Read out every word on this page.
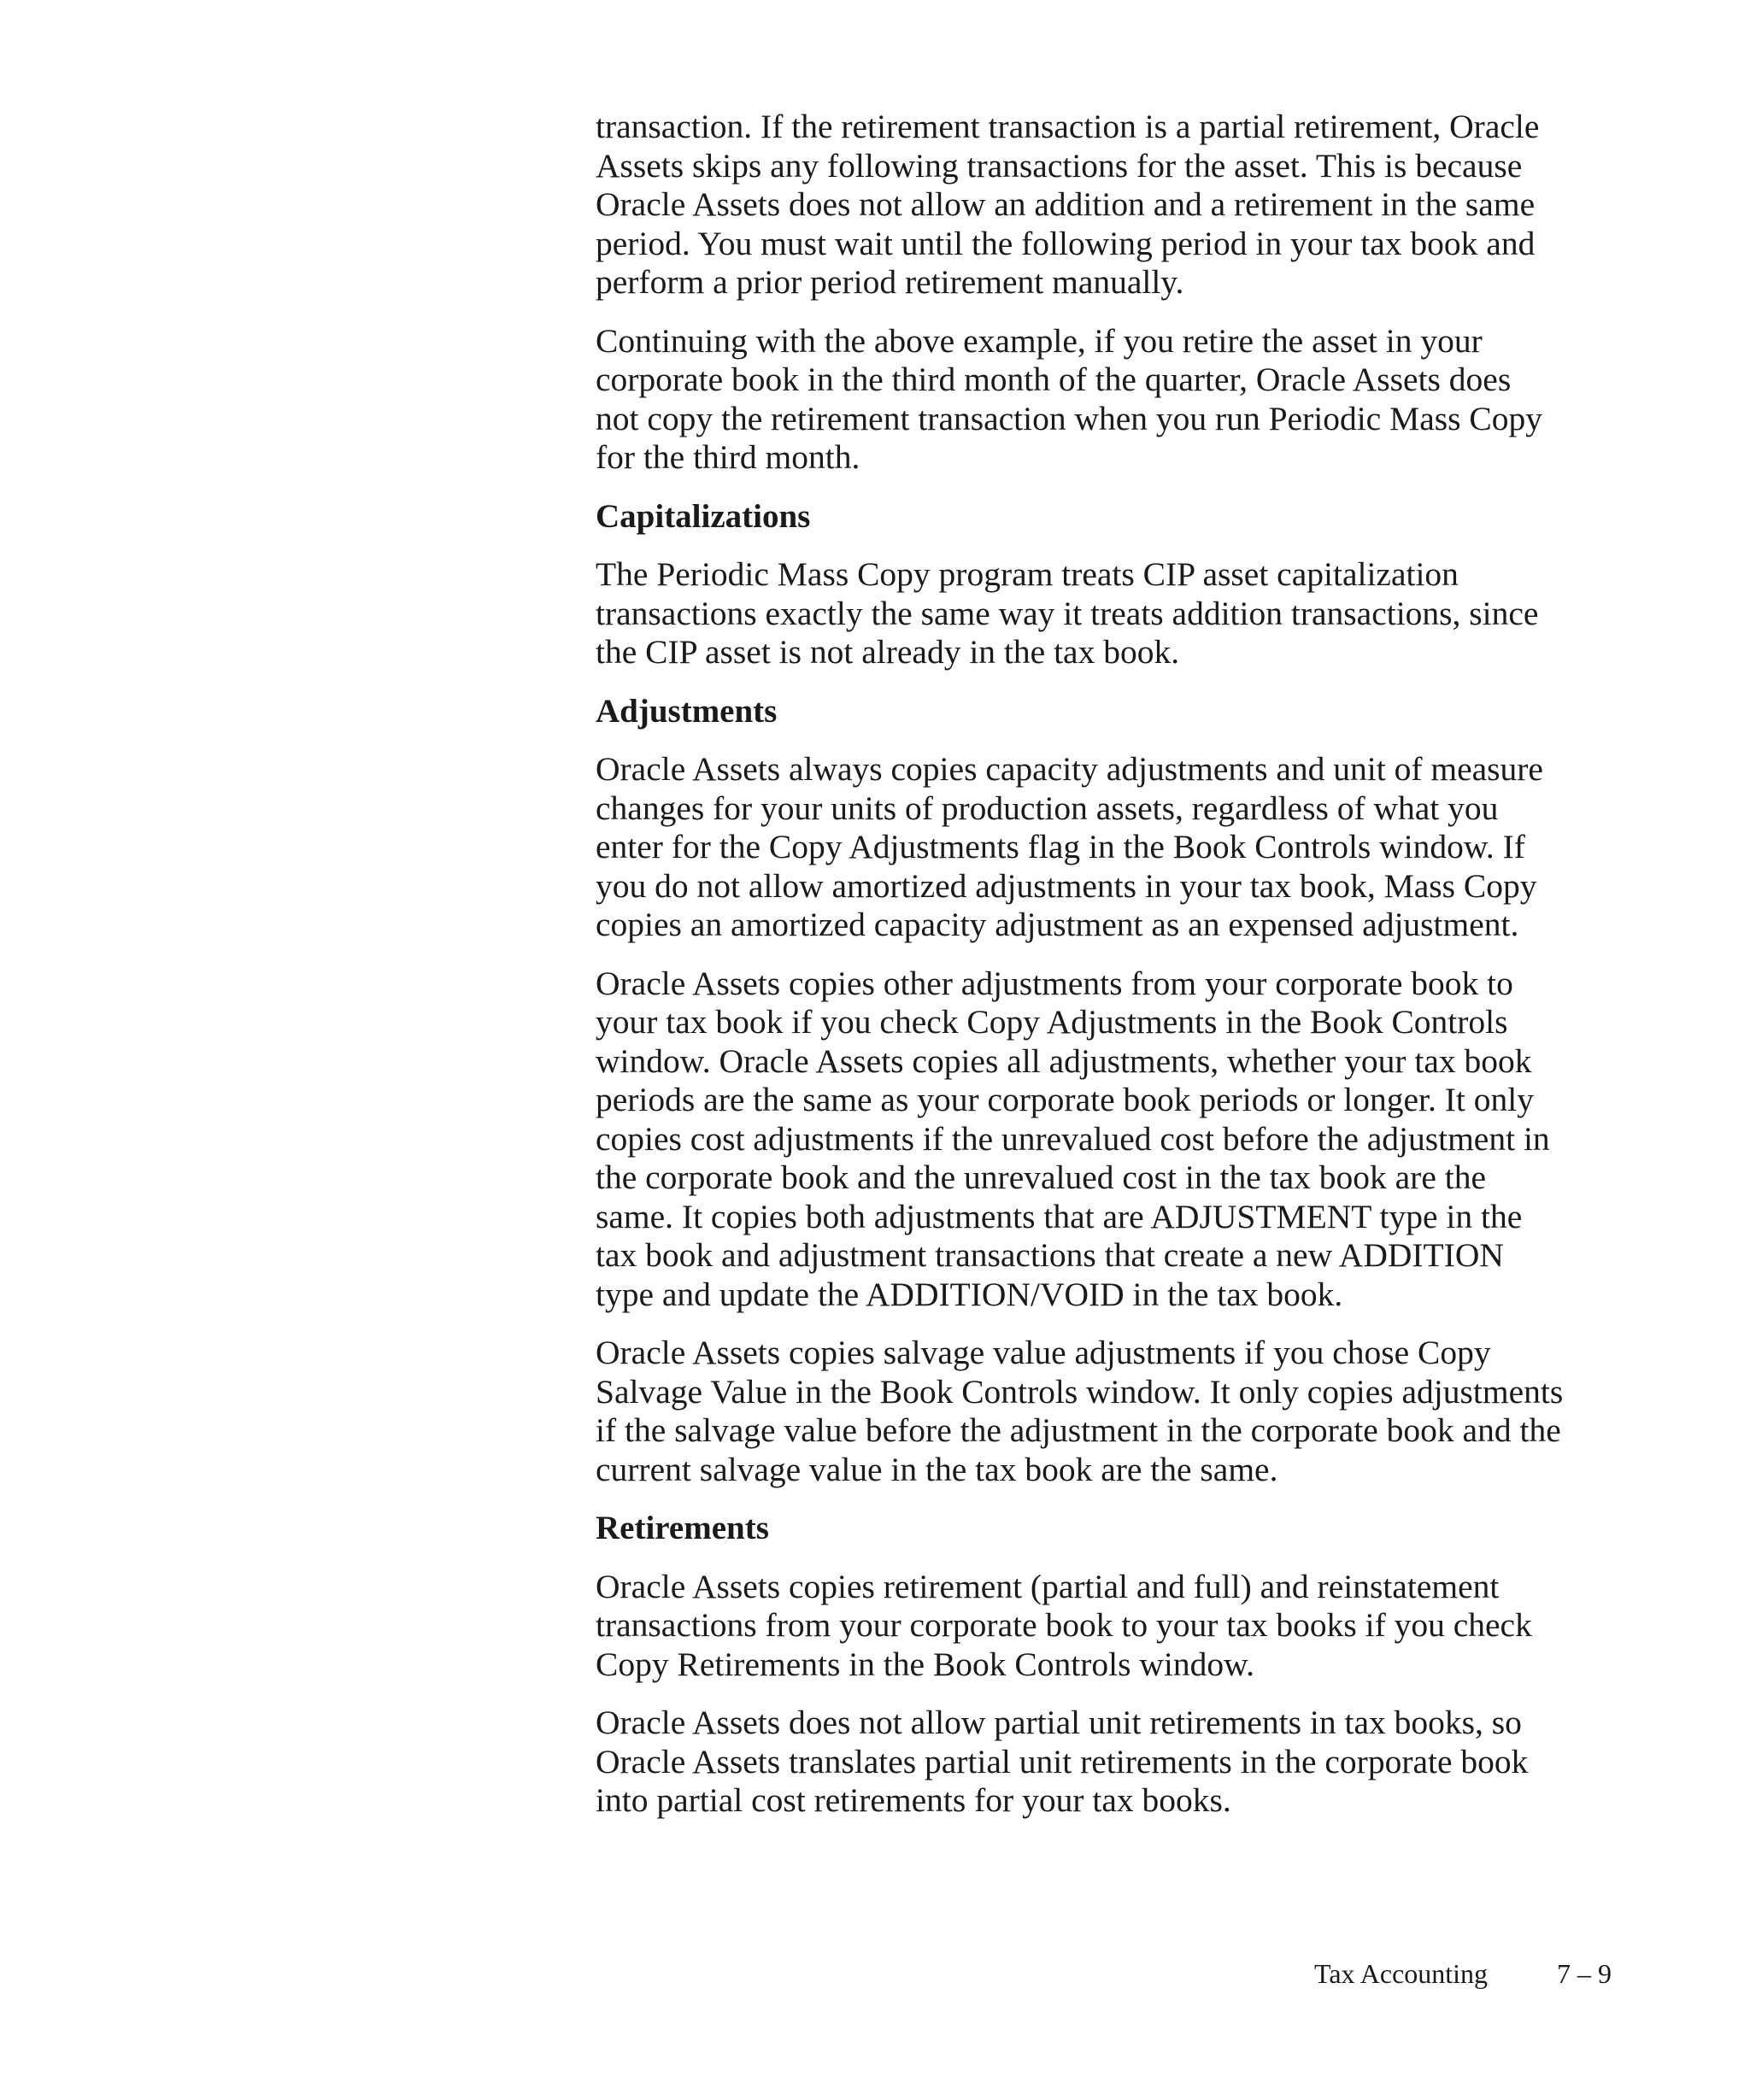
transaction. If the retirement transaction is a partial retirement, Oracle
Assets skips any following transactions for the asset. This is because
Oracle Assets does not allow an addition and a retirement in the same
period. You must wait until the following period in your tax book and
perform a prior period retirement manually.

Continuing with the above example, if you retire the asset in your
corporate book in the third month of the quarter, Oracle Assets does
not copy the retirement transaction when you run Periodic Mass Copy
for the third month.

Capitalizations

The Periodic Mass Copy program treats CIP asset capitalization
transactions exactly the same way it treats addition transactions, since
the CIP asset is not already in the tax book.

Adjustments

Oracle Assets always copies capacity adjustments and unit of measure
changes for your units of production assets, regardless of what you
enter for the Copy Adjustments flag in the Book Controls window. If
you do not allow amortized adjustments in your tax book, Mass Copy
copies an amortized capacity adjustment as an expensed adjustment.

Oracle Assets copies other adjustments from your corporate book to
your tax book if you check Copy Adjustments in the Book Controls
window. Oracle Assets copies all adjustments, whether your tax book
periods are the same as your corporate book periods or longer. It only
copies cost adjustments if the unrevalued cost before the adjustment in
the corporate book and the unrevalued cost in the tax book are the
same. It copies both adjustments that are ADJUSTMENT type in the
tax book and adjustment transactions that create a new ADDITION
type and update the ADDITION/VOID in the tax book.

Oracle Assets copies salvage value adjustments if you chose Copy
Salvage Value in the Book Controls window. It only copies adjustments
if the salvage value before the adjustment in the corporate book and the
current salvage value in the tax book are the same.

Retirements

Oracle Assets copies retirement (partial and full) and reinstatement
transactions from your corporate book to your tax books if you check
Copy Retirements in the Book Controls window.

Oracle Assets does not allow partial unit retirements in tax books, so
Oracle Assets translates partial unit retirements in the corporate book
into partial cost retirements for your tax books.

Tax Accounting	7 – 9
